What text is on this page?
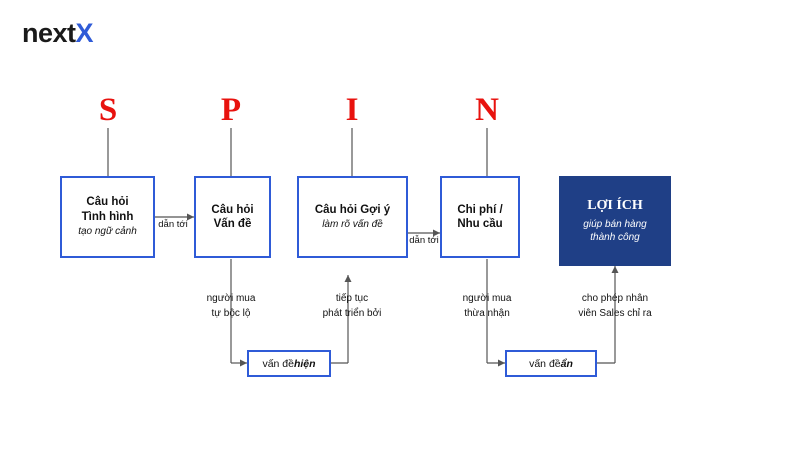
nextX
S	P	I	N
Câu hỏi
Tình hình
tạo ngữ cảnh
Câu hỏi
Vấn đề
Câu hỏi Gợi ý
làm rõ vấn đề
Chi phí /
Nhu cầu
LỢI ÍCH
giúp bán hàng
thành công
dẫn tới
dẫn tới
người mua
tự bộc lộ
tiếp tục
phát triển bởi
người mua
thừa nhận
cho phép nhân
viên Sales chỉ ra
vấn đề hiện	vấn đề ẩn
